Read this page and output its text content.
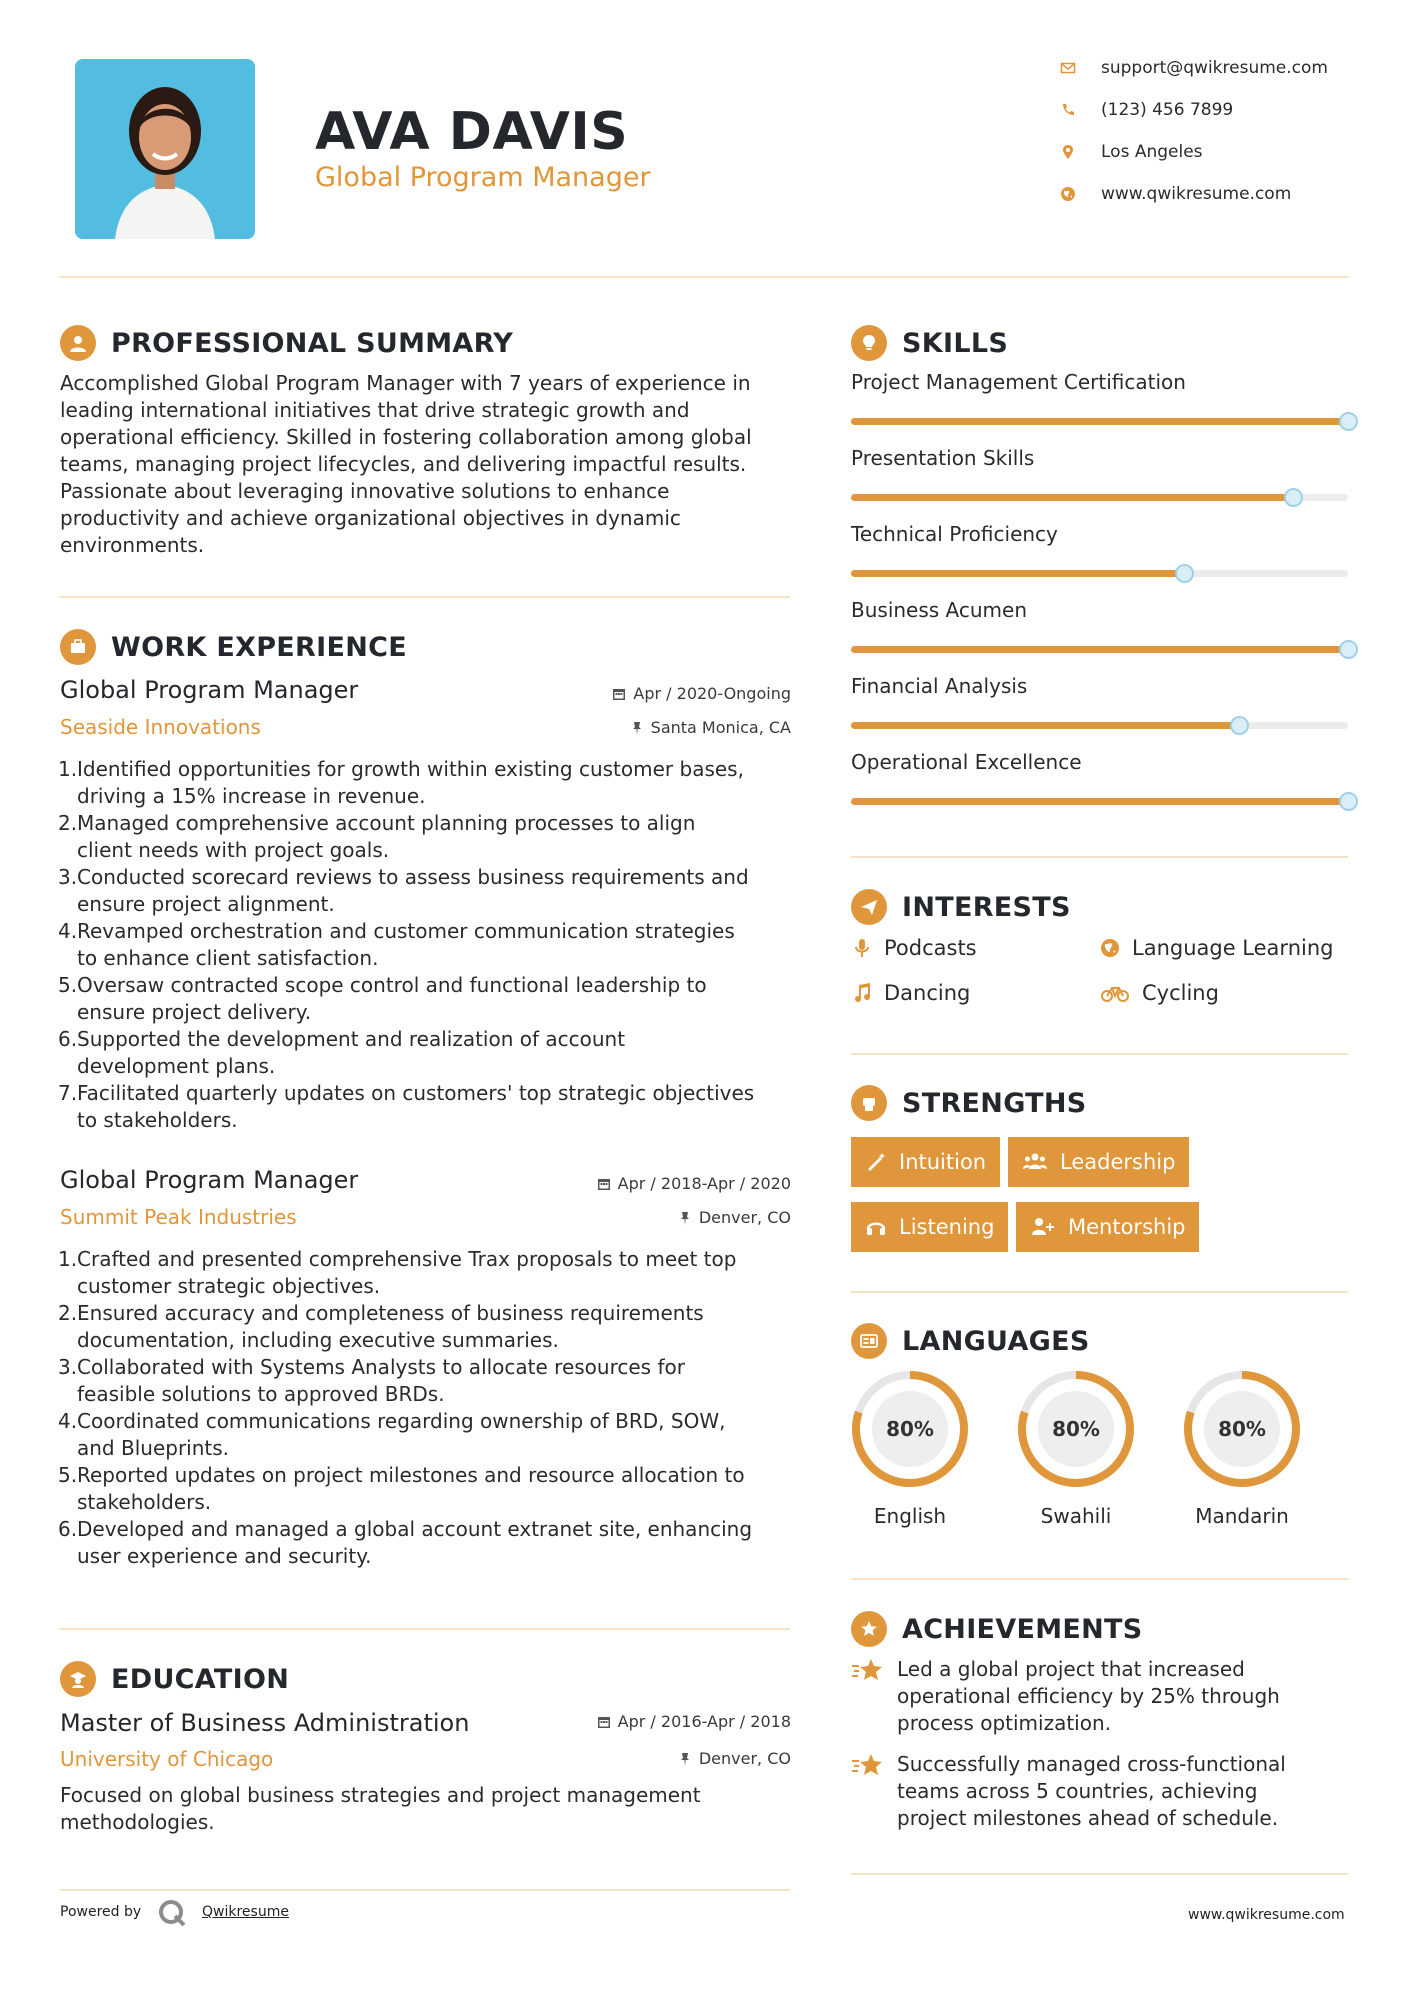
AVA DAVIS
Global Program Manager
support@qwikresume.com
(123) 456 7899
Los Angeles
www.qwikresume.com
PROFESSIONAL SUMMARY
Accomplished Global Program Manager with 7 years of experience in
leading international initiatives that drive strategic growth and
operational efficiency. Skilled in fostering collaboration among global
teams, managing project lifecycles, and delivering impactful results.
Passionate about leveraging innovative solutions to enhance
productivity and achieve organizational objectives in dynamic
environments.
WORK EXPERIENCE
Global Program Manager	Apr / 2020-Ongoing
Seaside Innovations	Santa Monica, CA
1. Identified opportunities for growth within existing customer bases,
driving a 15% increase in revenue.
2. Managed comprehensive account planning processes to align
client needs with project goals.
3. Conducted scorecard reviews to assess business requirements and
ensure project alignment.
4. Revamped orchestration and customer communication strategies
to enhance client satisfaction.
5. Oversaw contracted scope control and functional leadership to
ensure project delivery.
6. Supported the development and realization of account
development plans.
7. Facilitated quarterly updates on customers' top strategic objectives
to stakeholders.
Global Program Manager	Apr / 2018-Apr / 2020
Summit Peak Industries	Denver, CO
1. Crafted and presented comprehensive Trax proposals to meet top
customer strategic objectives.
2. Ensured accuracy and completeness of business requirements
documentation, including executive summaries.
3. Collaborated with Systems Analysts to allocate resources for
feasible solutions to approved BRDs.
4. Coordinated communications regarding ownership of BRD, SOW,
and Blueprints.
5. Reported updates on project milestones and resource allocation to
stakeholders.
6. Developed and managed a global account extranet site, enhancing
user experience and security.
EDUCATION
Master of Business Administration	Apr / 2016-Apr / 2018
University of Chicago	Denver, CO
Focused on global business strategies and project management
methodologies.
Powered by	Qwikresume
SKILLS
Project Management Certification
Presentation Skills
Technical Proficiency
Business Acumen
Financial Analysis
Operational Excellence
INTERESTS
Podcasts	Language Learning
Dancing	Cycling
STRENGTHS
Intuition	Leadership
Listening	Mentorship
LANGUAGES
80%
English
80%
Swahili
80%
Mandarin
ACHIEVEMENTS
Led a global project that increased
operational efficiency by 25% through
process optimization.
Successfully managed cross-functional
teams across 5 countries, achieving
project milestones ahead of schedule.
www.qwikresume.com
